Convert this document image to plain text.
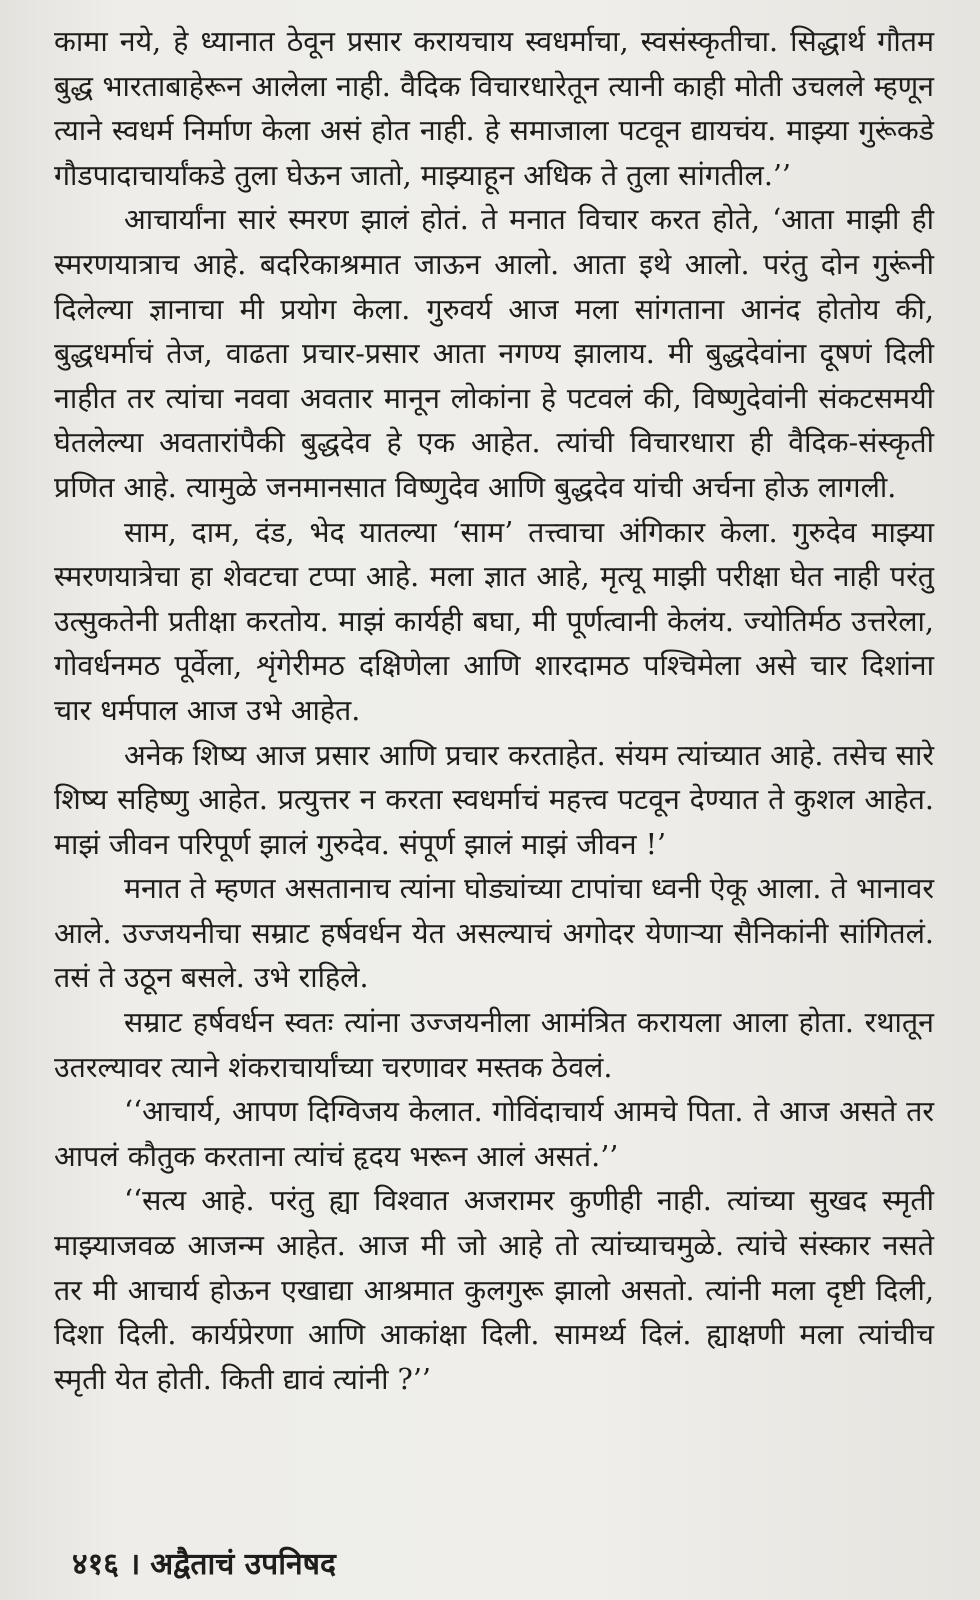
कामा नये, हे ध्यानात ठेवून प्रसार करायचाय स्वधर्माचा, स्वसंस्कृतीचा. सिद्धार्थ गौतम बुद्ध भारताबाहेरून आलेला नाही. वैदिक विचारधारेतून त्यानी काही मोती उचलले म्हणून त्याने स्वधर्म निर्माण केला असं होत नाही. हे समाजाला पटवून द्यायचंय. माझ्या गुरूंकडे गौडपादाचार्यांकडे तुला घेऊन जातो, माझ्याहून अधिक ते तुला सांगतील.’’

आचार्यांना सारं स्मरण झालं होतं. ते मनात विचार करत होते, ‘आता माझी ही स्मरणयात्राच आहे. बदरिकाश्रमात जाऊन आलो. आता इथे आलो. परंतु दोन गुरूंनी दिलेल्या ज्ञानाचा मी प्रयोग केला. गुरुवर्य आज मला सांगताना आनंद होतोय की, बुद्धधर्माचं तेज, वाढता प्रचार-प्रसार आता नगण्य झालाय. मी बुद्धदेवांना दूषणं दिली नाहीत तर त्यांचा नववा अवतार मानून लोकांना हे पटवलं की, विष्णुदेवांनी संकटसमयी घेतलेल्या अवतारांपैकी बुद्धदेव हे एक आहेत. त्यांची विचारधारा ही वैदिक-संस्कृती प्रणित आहे. त्यामुळे जनमानसात विष्णुदेव आणि बुद्धदेव यांची अर्चना होऊ लागली.

साम, दाम, दंड, भेद यातल्या ‘साम’ तत्त्वाचा अंगिकार केला. गुरुदेव माझ्या स्मरणयात्रेचा हा शेवटचा टप्पा आहे. मला ज्ञात आहे, मृत्यू माझी परीक्षा घेत नाही परंतु उत्सुकतेनी प्रतीक्षा करतोय. माझं कार्यही बघा, मी पूर्णत्वानी केलंय. ज्योतिर्मठ उत्तरेला, गोवर्धनमठ पूर्वेला, शृंगेरीमठ दक्षिणेला आणि शारदामठ पश्चिमेला असे चार दिशांना चार धर्मपाल आज उभे आहेत.

अनेक शिष्य आज प्रसार आणि प्रचार करताहेत. संयम त्यांच्यात आहे. तसेच सारे शिष्य सहिष्णु आहेत. प्रत्युत्तर न करता स्वधर्माचं महत्त्व पटवून देण्यात ते कुशल आहेत. माझं जीवन परिपूर्ण झालं गुरुदेव. संपूर्ण झालं माझं जीवन !’

मनात ते म्हणत असतानाच त्यांना घोड्यांच्या टापांचा ध्वनी ऐकू आला. ते भानावर आले. उज्जयनीचा सम्राट हर्षवर्धन येत असल्याचं अगोदर येणाऱ्या सैनिकांनी सांगितलं. तसं ते उठून बसले. उभे राहिले.

सम्राट हर्षवर्धन स्वतः त्यांना उज्जयनीला आमंत्रित करायला आला होता. रथातून उतरल्यावर त्याने शंकराचार्यांच्या चरणावर मस्तक ठेवलं.

‘‘आचार्य, आपण दिग्विजय केलात. गोविंदाचार्य आमचे पिता. ते आज असते तर आपलं कौतुक करताना त्यांचं हृदय भरून आलं असतं.’’

‘‘सत्य आहे. परंतु ह्या विश्वात अजरामर कुणीही नाही. त्यांच्या सुखद स्मृती माझ्याजवळ आजन्म आहेत. आज मी जो आहे तो त्यांच्याचमुळे. त्यांचे संस्कार नसते तर मी आचार्य होऊन एखाद्या आश्रमात कुलगुरू झालो असतो. त्यांनी मला दृष्टी दिली, दिशा दिली. कार्यप्रेरणा आणि आकांक्षा दिली. सामर्थ्य दिलं. ह्याक्षणी मला त्यांचीच स्मृती येत होती. किती द्यावं त्यांनी ?’’

४१६ । अद्वैताचं उपनिषद
